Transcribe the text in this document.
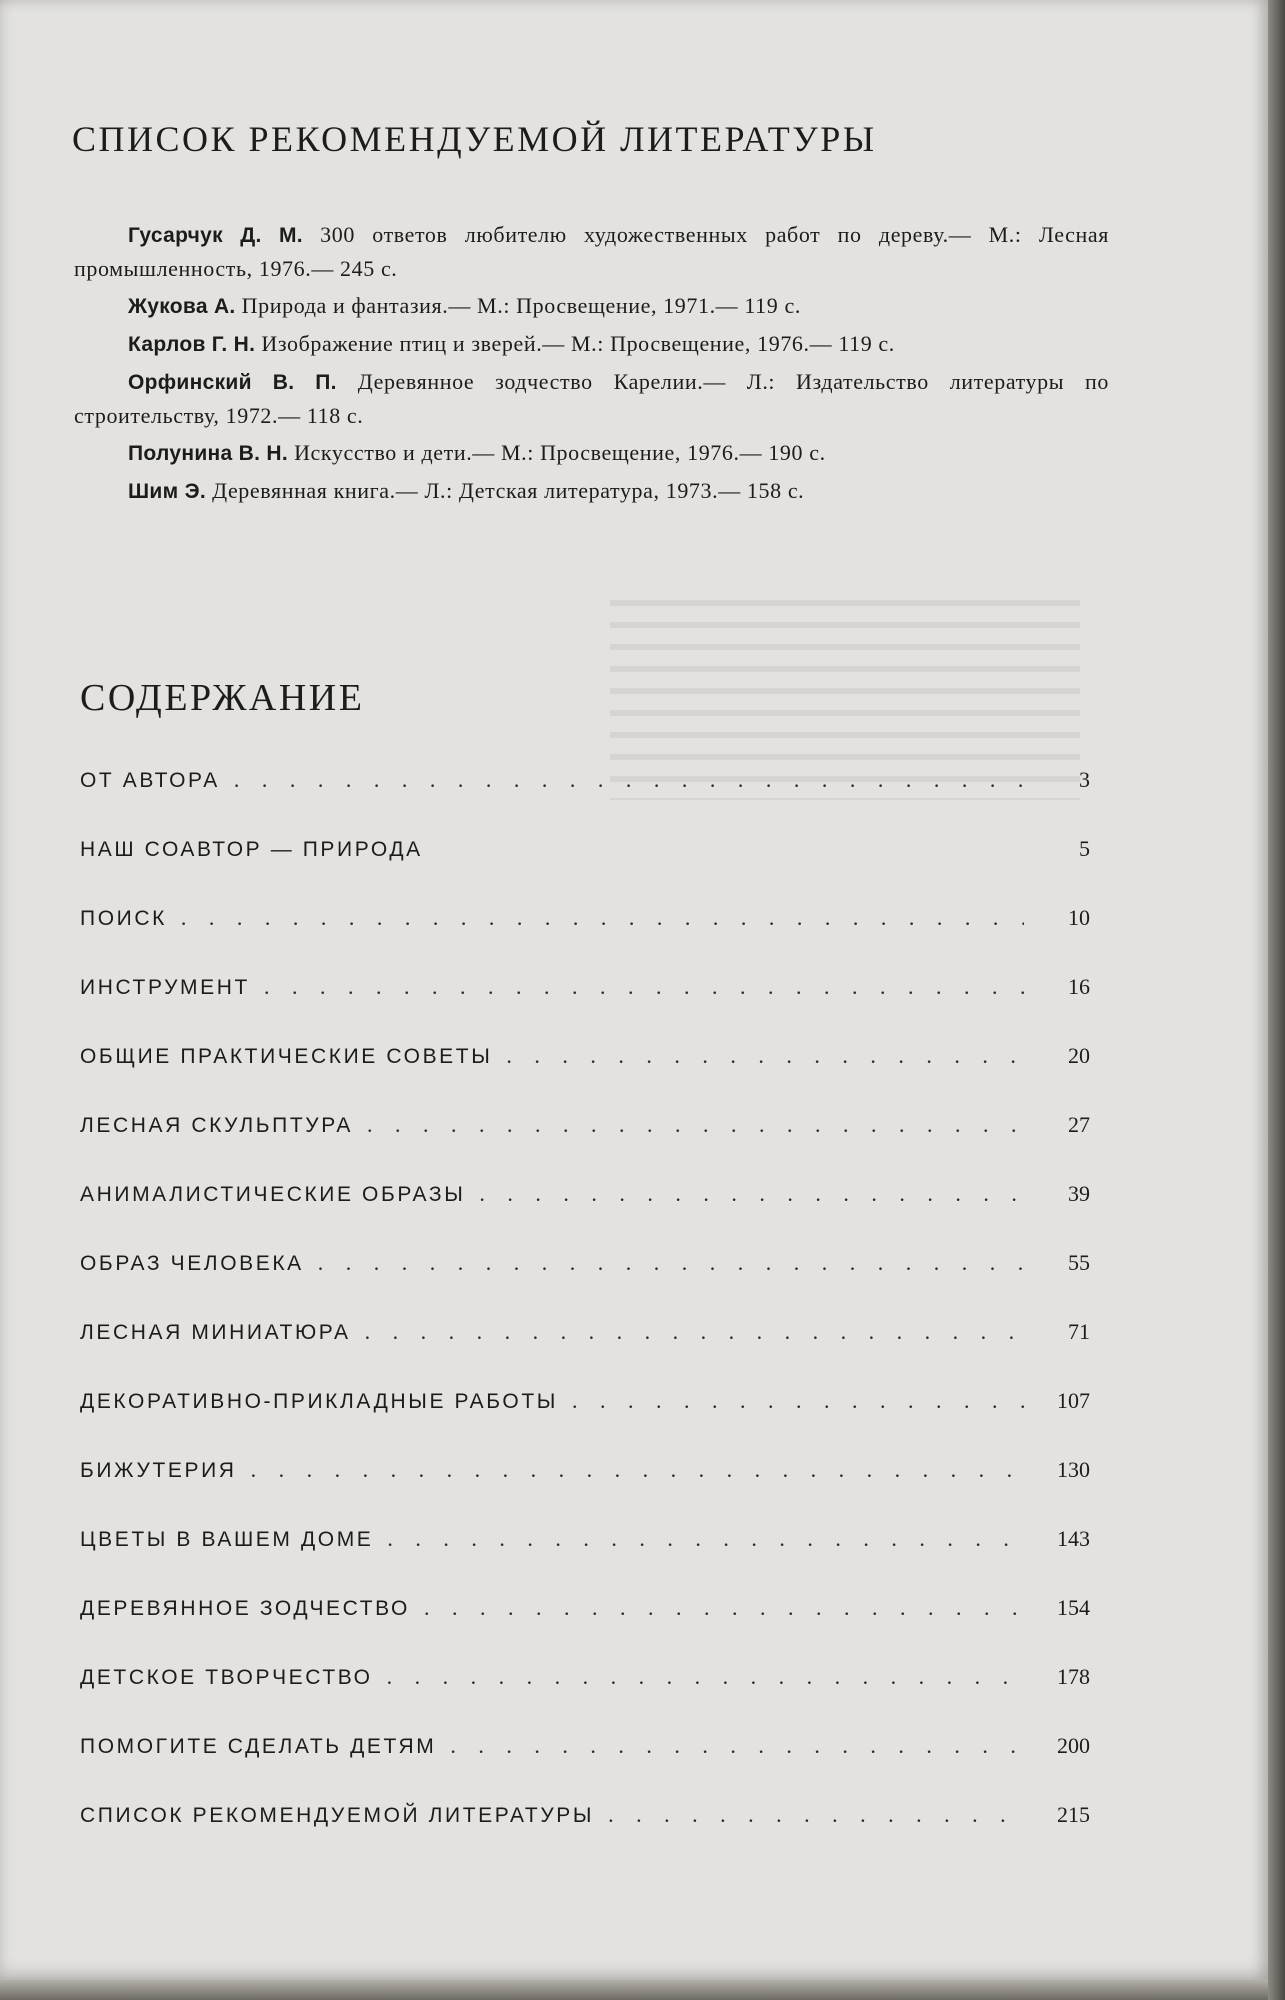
СПИСОК РЕКОМЕНДУЕМОЙ ЛИТЕРАТУРЫ

Гусарчук Д. М. 300 ответов любителю художественных работ по дереву.— М.: Лесная промышленность, 1976.— 245 с.

Жукова А. Природа и фантазия.— М.: Просвещение, 1971.— 119 с.

Карлов Г. Н. Изображение птиц и зверей.— М.: Просвещение, 1976.— 119 с.

Орфинский В. П. Деревянное зодчество Карелии.— Л.: Издательство литературы по строительству, 1972.— 118 с.

Полунина В. Н. Искусство и дети.— М.: Просвещение, 1976.— 190 с.

Шим Э. Деревянная книга.— Л.: Детская литература, 1973.— 158 с.

СОДЕРЖАНИЕ
ОТ АВТОРА . . .	3
НАШ СОАВТОР — ПРИРОДА	5
ПОИСК . . .	10
ИНСТРУМЕНТ . . .	16
ОБЩИЕ ПРАКТИЧЕСКИЕ СОВЕТЫ . . .	20
ЛЕСНАЯ СКУЛЬПТУРА . . .	27
АНИМАЛИСТИЧЕСКИЕ ОБРАЗЫ . . .	39
ОБРАЗ ЧЕЛОВЕКА . . .	55
ЛЕСНАЯ МИНИАТЮРА . . .	71
ДЕКОРАТИВНО-ПРИКЛАДНЫЕ РАБОТЫ . . .	107
БИЖУТЕРИЯ . . .	130
ЦВЕТЫ В ВАШЕМ ДОМЕ . . .	143
ДЕРЕВЯННОЕ ЗОДЧЕСТВО . . .	154
ДЕТСКОЕ ТВОРЧЕСТВО . . .	178
ПОМОГИТЕ СДЕЛАТЬ ДЕТЯМ . . .	200
СПИСОК РЕКОМЕНДУЕМОЙ ЛИТЕРАТУРЫ . . .	215
